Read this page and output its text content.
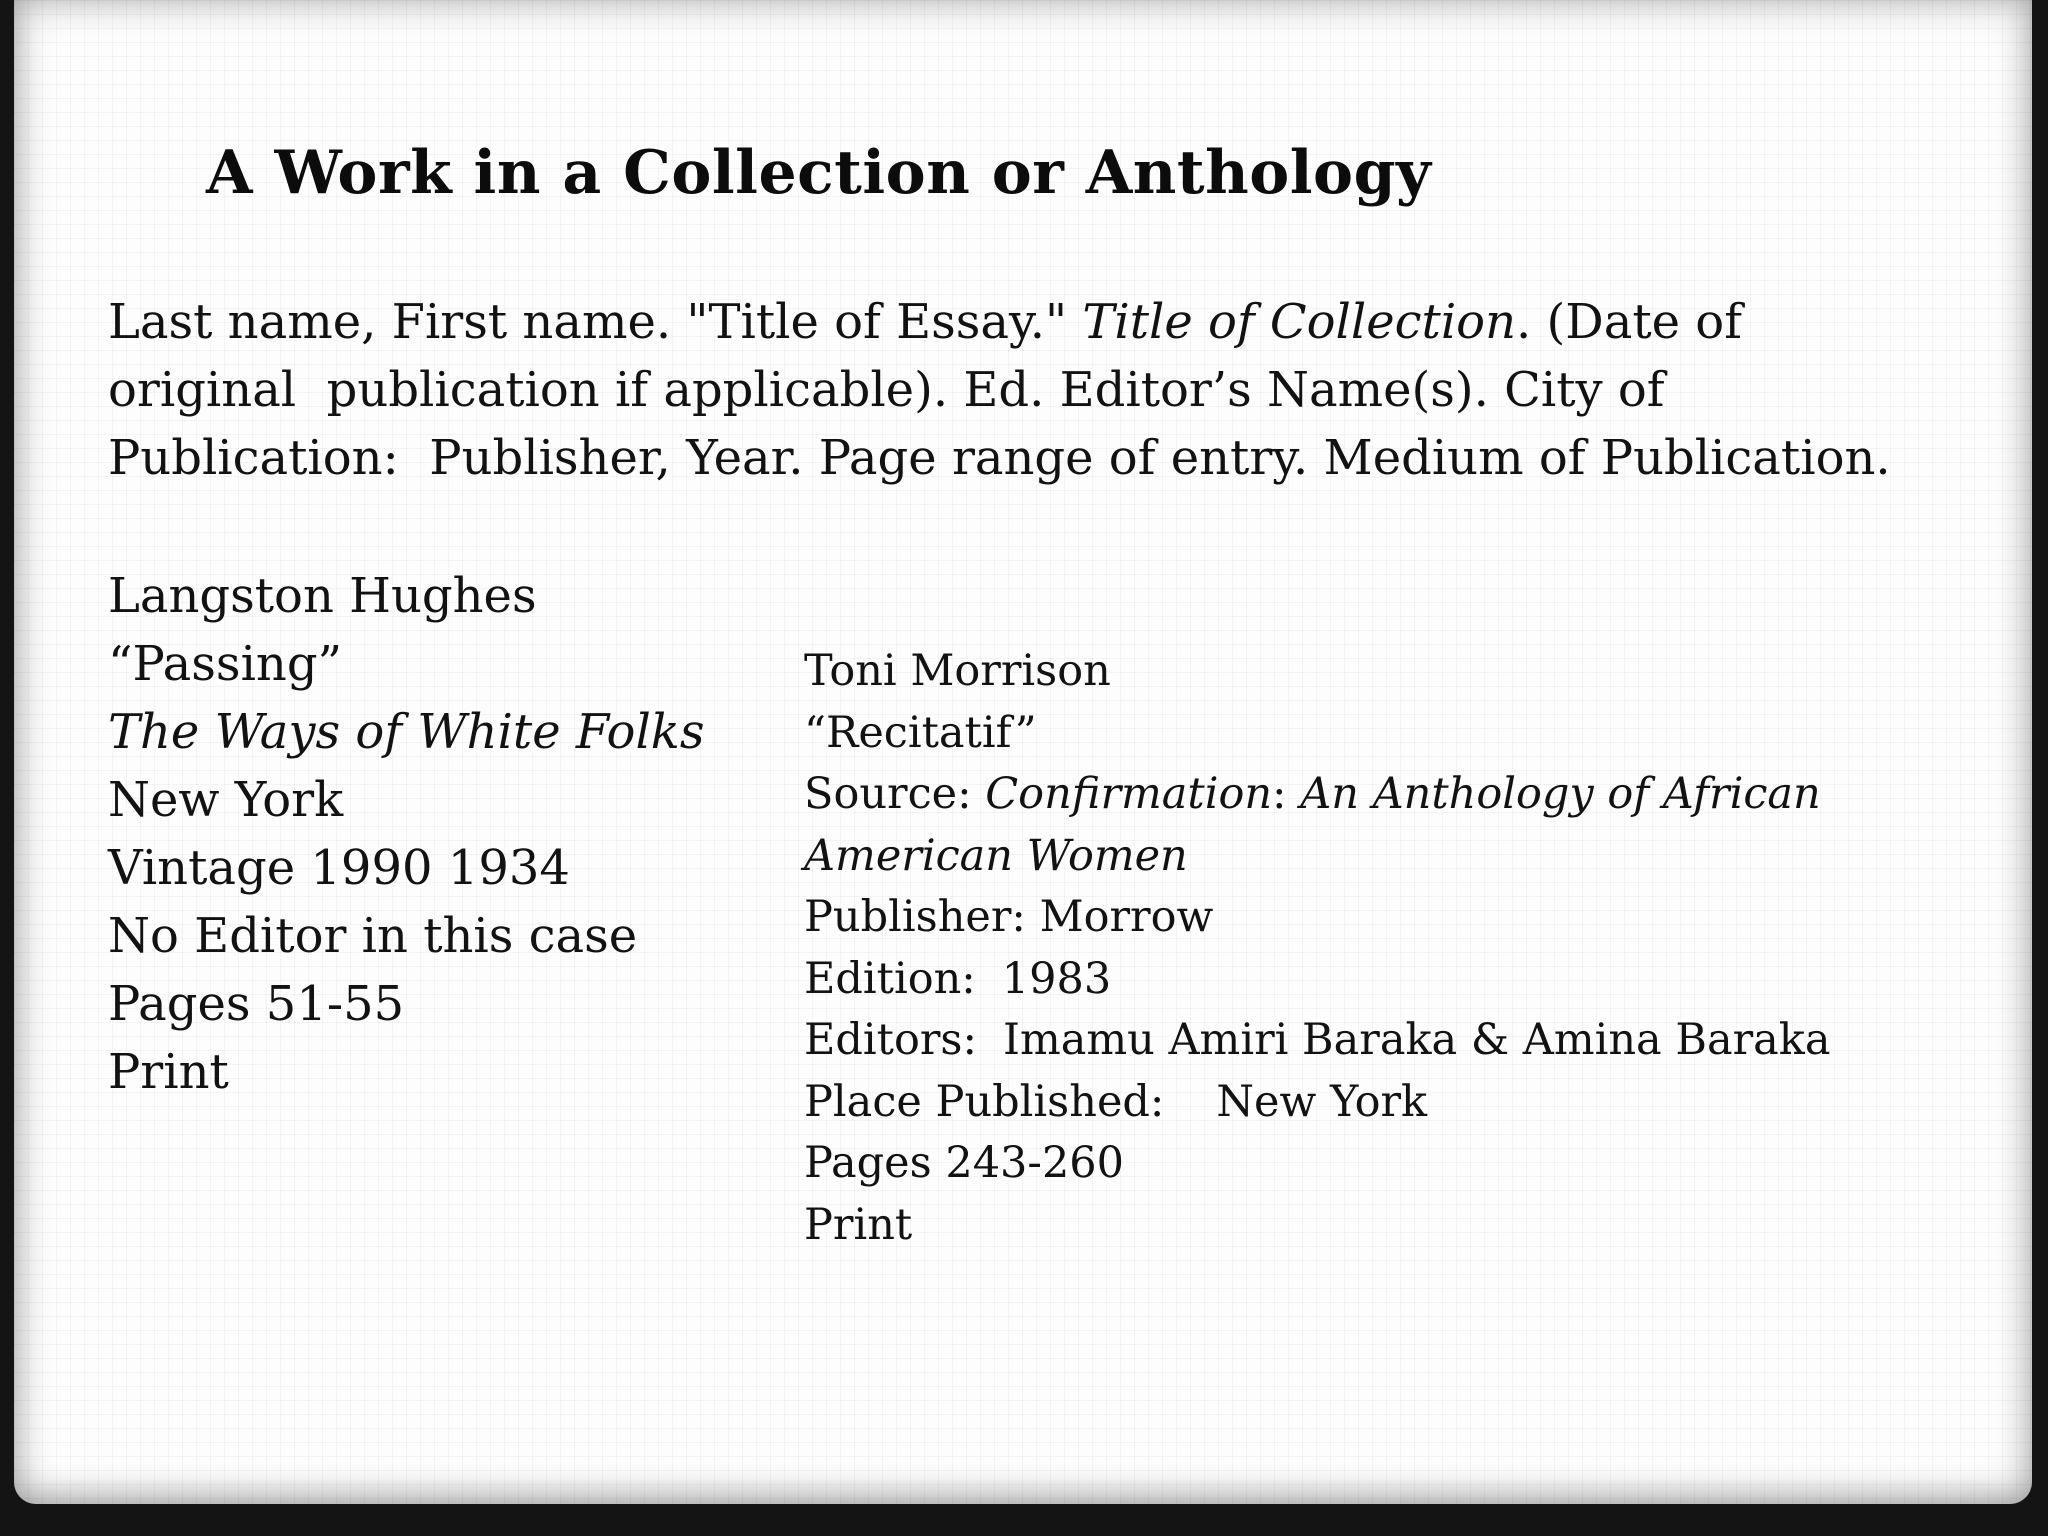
A Work in a Collection or Anthology
Last name, First name. "Title of Essay." Title of Collection. (Date of
original  publication if applicable). Ed. Editor’s Name(s). City of
Publication:  Publisher, Year. Page range of entry. Medium of Publication.
Langston Hughes
“Passing”
The Ways of White Folks
New York
Vintage 1990 1934
No Editor in this case
Pages 51-55
Print
Toni Morrison
“Recitatif”
Source: Confirmation: An Anthology of African
American Women
Publisher: Morrow
Edition: 1983
Editors: Imamu Amiri Baraka & Amina Baraka
Place Published: New York
Pages 243-260
Print
